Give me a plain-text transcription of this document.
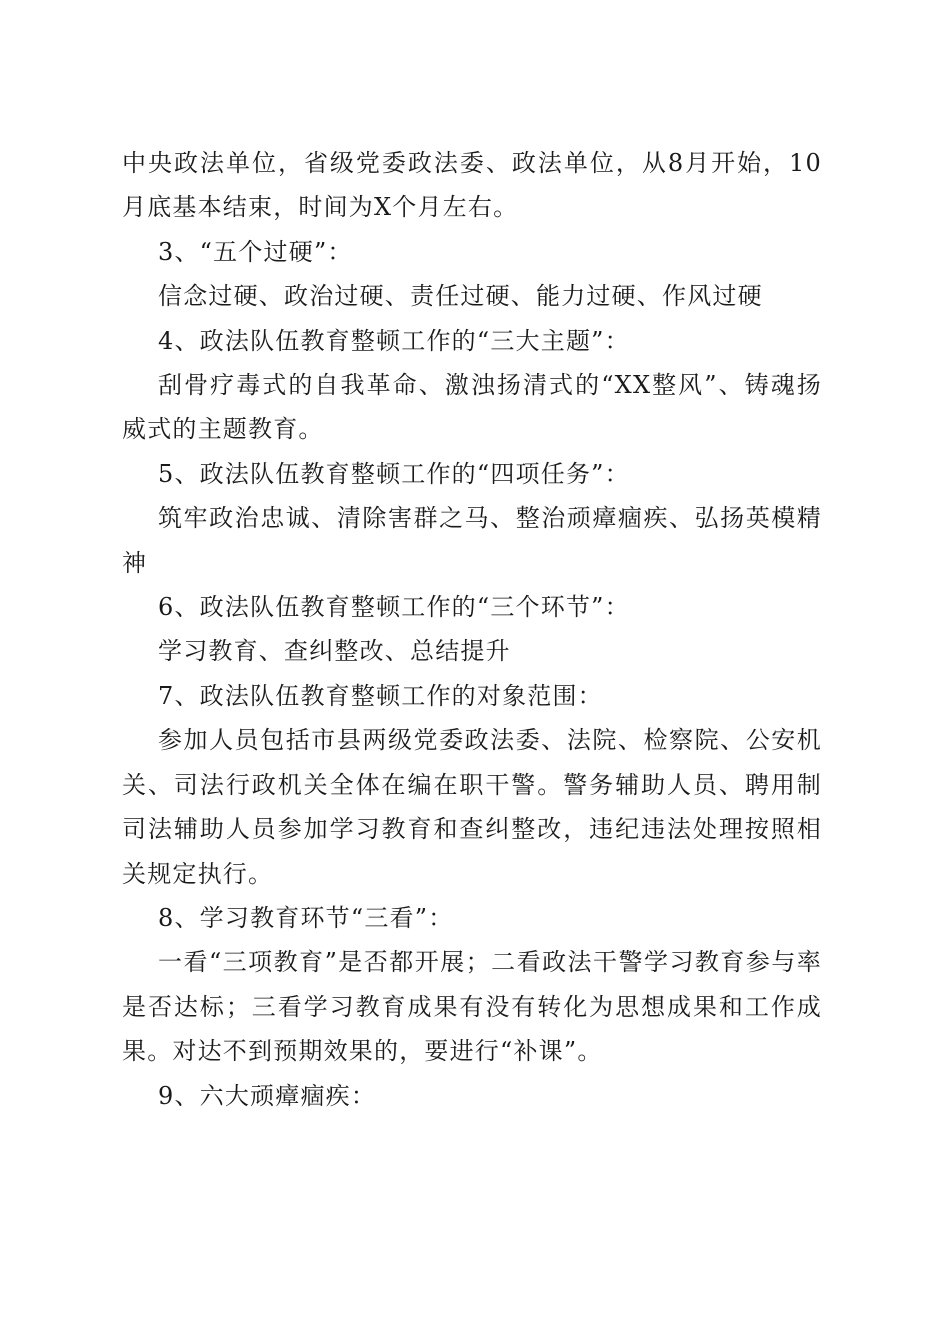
中央政法单位，省级党委政法委、政法单位，从8月开始，10月底基本结束，时间为X个月左右。

3、“五个过硬”：

信念过硬、政治过硬、责任过硬、能力过硬、作风过硬

4、政法队伍教育整顿工作的“三大主题”：

刮骨疗毒式的自我革命、激浊扬清式的“XX整风”、铸魂扬威式的主题教育。

5、政法队伍教育整顿工作的“四项任务”：

筑牢政治忠诚、清除害群之马、整治顽瘴痼疾、弘扬英模精神

6、政法队伍教育整顿工作的“三个环节”：

学习教育、查纠整改、总结提升

7、政法队伍教育整顿工作的对象范围：

参加人员包括市县两级党委政法委、法院、检察院、公安机关、司法行政机关全体在编在职干警。警务辅助人员、聘用制司法辅助人员参加学习教育和查纠整改，违纪违法处理按照相关规定执行。

8、学习教育环节“三看”：

一看“三项教育”是否都开展；二看政法干警学习教育参与率是否达标；三看学习教育成果有没有转化为思想成果和工作成果。对达不到预期效果的，要进行“补课”。

9、六大顽瘴痼疾：
